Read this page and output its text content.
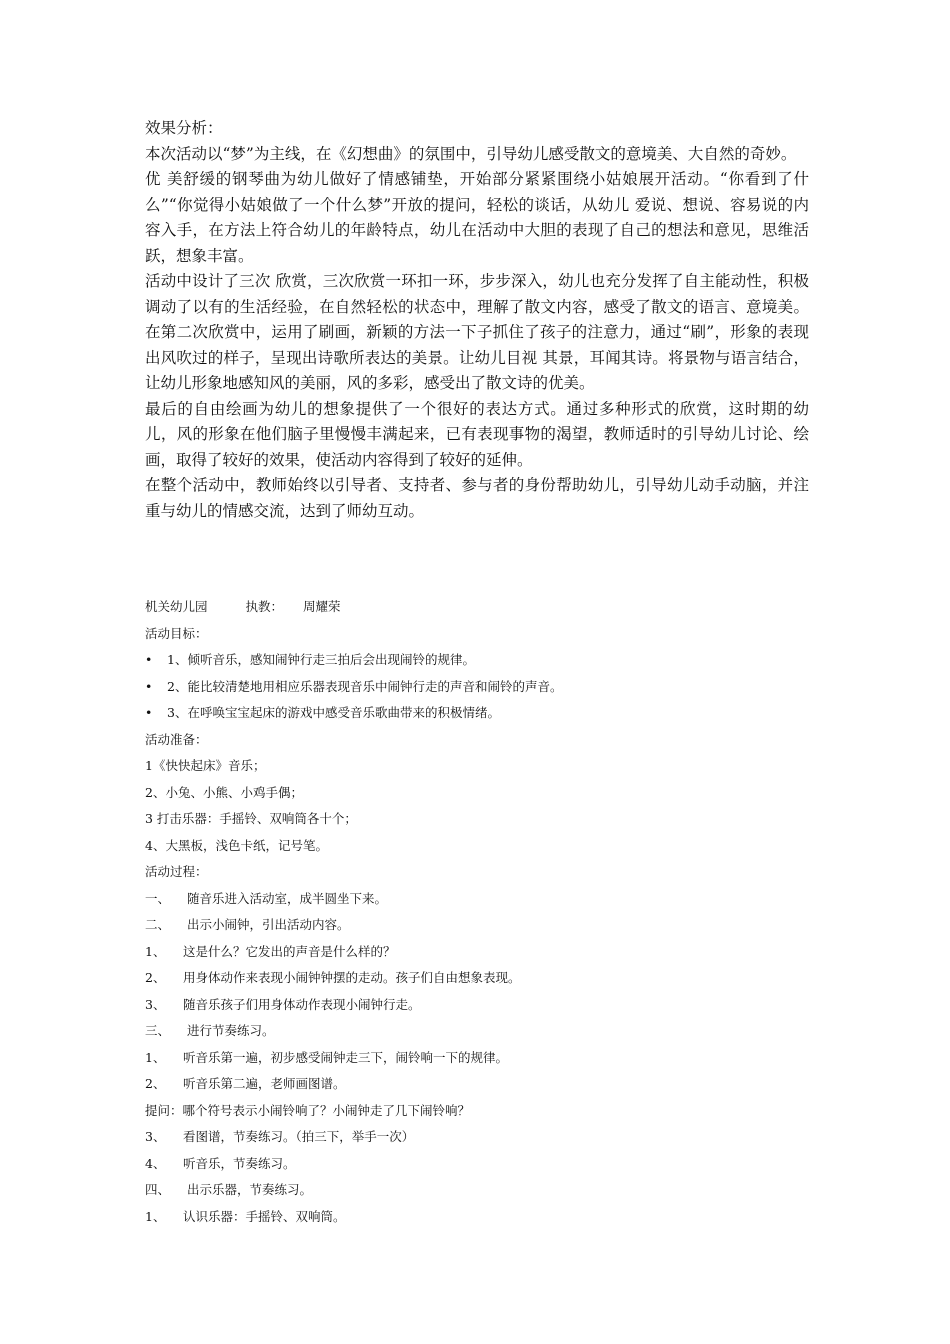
效果分析：

本次活动以“梦”为主线，在《幻想曲》的氛围中，引导幼儿感受散文的意境美、大自然的奇妙。

优 美舒缓的钢琴曲为幼儿做好了情感铺垫，开始部分紧紧围绕小姑娘展开活动。“你看到了什么”“你觉得小姑娘做了一个什么梦”开放的提问，轻松的谈话，从幼儿 爱说、想说、容易说的内容入手，在方法上符合幼儿的年龄特点，幼儿在活动中大胆的表现了自己的想法和意见，思维活跃，想象丰富。

活动中设计了三次 欣赏，三次欣赏一环扣一环，步步深入，幼儿也充分发挥了自主能动性，积极调动了以有的生活经验，在自然轻松的状态中，理解了散文内容，感受了散文的语言、意境美。在第二次欣赏中，运用了刷画，新颖的方法一下子抓住了孩子的注意力，通过“刷”，形象的表现出风吹过的样子，呈现出诗歌所表达的美景。让幼儿目视 其景，耳闻其诗。将景物与语言结合，让幼儿形象地感知风的美丽，风的多彩，感受出了散文诗的优美。

最后的自由绘画为幼儿的想象提供了一个很好的表达方式。通过多种形式的欣赏，这时期的幼儿，风的形象在他们脑子里慢慢丰满起来，已有表现事物的渴望，教师适时的引导幼儿讨论、绘画，取得了较好的效果，使活动内容得到了较好的延伸。

在整个活动中，教师始终以引导者、支持者、参与者的身份帮助幼儿，引导幼儿动手动脑，并注重与幼儿的情感交流，达到了师幼互动。

机关幼儿园	执教： 周耀荣
活动目标：
• 1、倾听音乐，感知闹钟行走三拍后会出现闹铃的规律。
• 2、能比较清楚地用相应乐器表现音乐中闹钟行走的声音和闹铃的声音。
• 3、在呼唤宝宝起床的游戏中感受音乐歌曲带来的积极情绪。
活动准备：
1《快快起床》音乐；
2、小兔、小熊、小鸡手偶；
3 打击乐器：手摇铃、双响筒各十个；
4、大黑板，浅色卡纸，记号笔。
活动过程：
一、 随音乐进入活动室，成半圆坐下来。
二、 出示小闹钟，引出活动内容。
1、 这是什么？它发出的声音是什么样的？
2、 用身体动作来表现小闹钟钟摆的走动。孩子们自由想象表现。
3、 随音乐孩子们用身体动作表现小闹钟行走。
三、 进行节奏练习。
1、 听音乐第一遍，初步感受闹钟走三下，闹铃响一下的规律。
2、 听音乐第二遍，老师画图谱。
提问：哪个符号表示小闹铃响了？小闹钟走了几下闹铃响？
3、 看图谱，节奏练习。（拍三下，举手一次）
4、 听音乐，节奏练习。
四、 出示乐器，节奏练习。
1、 认识乐器：手摇铃、双响筒。
